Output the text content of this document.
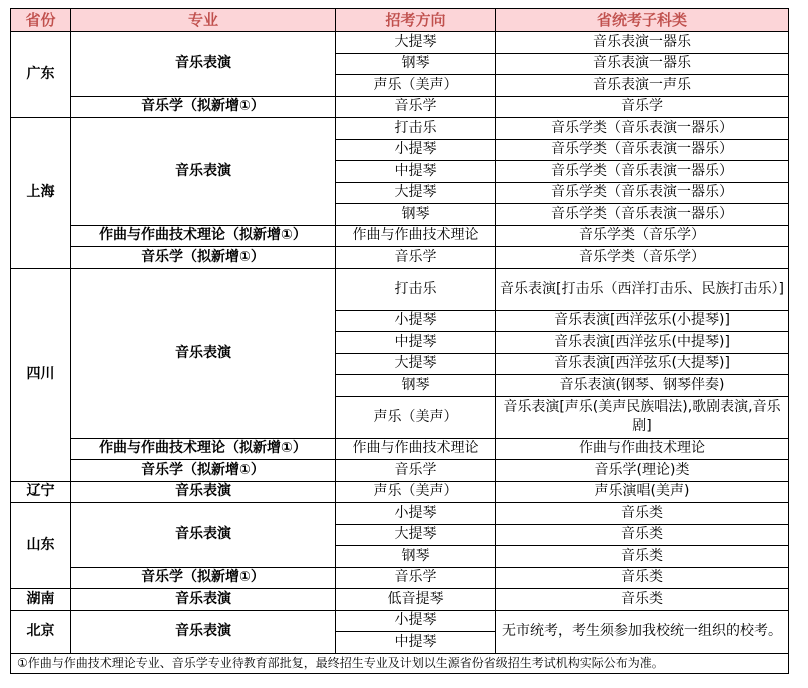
省份	专业	招考方向	省统考子科类
广东	音乐表演	大提琴	音乐表演一器乐
		钢琴	音乐表演一器乐
		声乐（美声）	音乐表演一声乐
	音乐学（拟新增①）	音乐学	音乐学
上海	音乐表演	打击乐	音乐学类（音乐表演一器乐）
		小提琴	音乐学类（音乐表演一器乐）
		中提琴	音乐学类（音乐表演一器乐）
		大提琴	音乐学类（音乐表演一器乐）
		钢琴	音乐学类（音乐表演一器乐）
	作曲与作曲技术理论（拟新增①）	作曲与作曲技术理论	音乐学类（音乐学）
	音乐学（拟新增①）	音乐学	音乐学类（音乐学）
四川	音乐表演	打击乐	音乐表演[打击乐（西洋打击乐、民族打击乐）]
		小提琴	音乐表演[西洋弦乐(小提琴)]
		中提琴	音乐表演[西洋弦乐(中提琴)]
		大提琴	音乐表演[西洋弦乐(大提琴)]
		钢琴	音乐表演(钢琴、钢琴伴奏)
		声乐（美声）	音乐表演[声乐(美声民族唱法),歌剧表演,音乐剧]
	作曲与作曲技术理论（拟新增①）	作曲与作曲技术理论	作曲与作曲技术理论
	音乐学（拟新增①）	音乐学	音乐学(理论)类
辽宁	音乐表演	声乐（美声）	声乐演唱(美声)
山东	音乐表演	小提琴	音乐类
		大提琴	音乐类
		钢琴	音乐类
	音乐学（拟新增①）	音乐学	音乐类
湖南	音乐表演	低音提琴	音乐类
北京	音乐表演	小提琴	无市统考，考生须参加我校统一组织的校考。
		中提琴	
①作曲与作曲技术理论专业、音乐学专业待教育部批复，最终招生专业及计划以生源省份省级招生考试机构实际公布为准。			
